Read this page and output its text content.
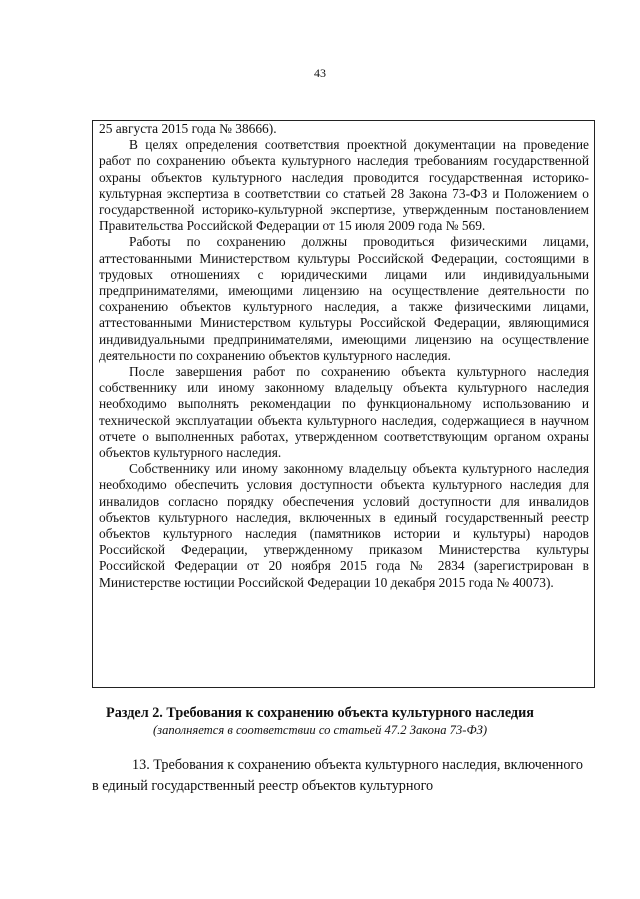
43

25 августа 2015 года № 38666).

В целях определения соответствия проектной документации на проведение работ по сохранению объекта культурного наследия требованиям государственной охраны объектов культурного наследия проводится государственная историко-культурная экспертиза в соответствии со статьей 28 Закона 73-ФЗ и Положением о государственной историко-культурной экспертизе, утвержденным постановлением Правительства Российской Федерации от 15 июля 2009 года № 569.

Работы по сохранению должны проводиться физическими лицами, аттестованными Министерством культуры Российской Федерации, состоящими в трудовых отношениях с юридическими лицами или индивидуальными предпринимателями, имеющими лицензию на осуществление деятельности по сохранению объектов культурного наследия, а также физическими лицами, аттестованными Министерством культуры Российской Федерации, являющимися индивидуальными предпринимателями, имеющими лицензию на осуществление деятельности по сохранению объектов культурного наследия.

После завершения работ по сохранению объекта культурного наследия собственнику или иному законному владельцу объекта культурного наследия необходимо выполнять рекомендации по функциональному использованию и технической эксплуатации объекта культурного наследия, содержащиеся в научном отчете о выполненных работах, утвержденном соответствующим органом охраны объектов культурного наследия.

Собственнику или иному законному владельцу объекта культурного наследия необходимо обеспечить условия доступности объекта культурного наследия для инвалидов согласно порядку обеспечения условий доступности для инвалидов объектов культурного наследия, включенных в единый государственный реестр объектов культурного наследия (памятников истории и культуры) народов Российской Федерации, утвержденному приказом Министерства культуры Российской Федерации от 20 ноября 2015 года № 2834 (зарегистрирован в Министерстве юстиции Российской Федерации 10 декабря 2015 года № 40073).

Раздел 2. Требования к сохранению объекта культурного наследия
(заполняется в соответствии со статьей 47.2 Закона 73-ФЗ)
13. Требования к сохранению объекта культурного наследия, включенного в единый государственный реестр объектов культурного
